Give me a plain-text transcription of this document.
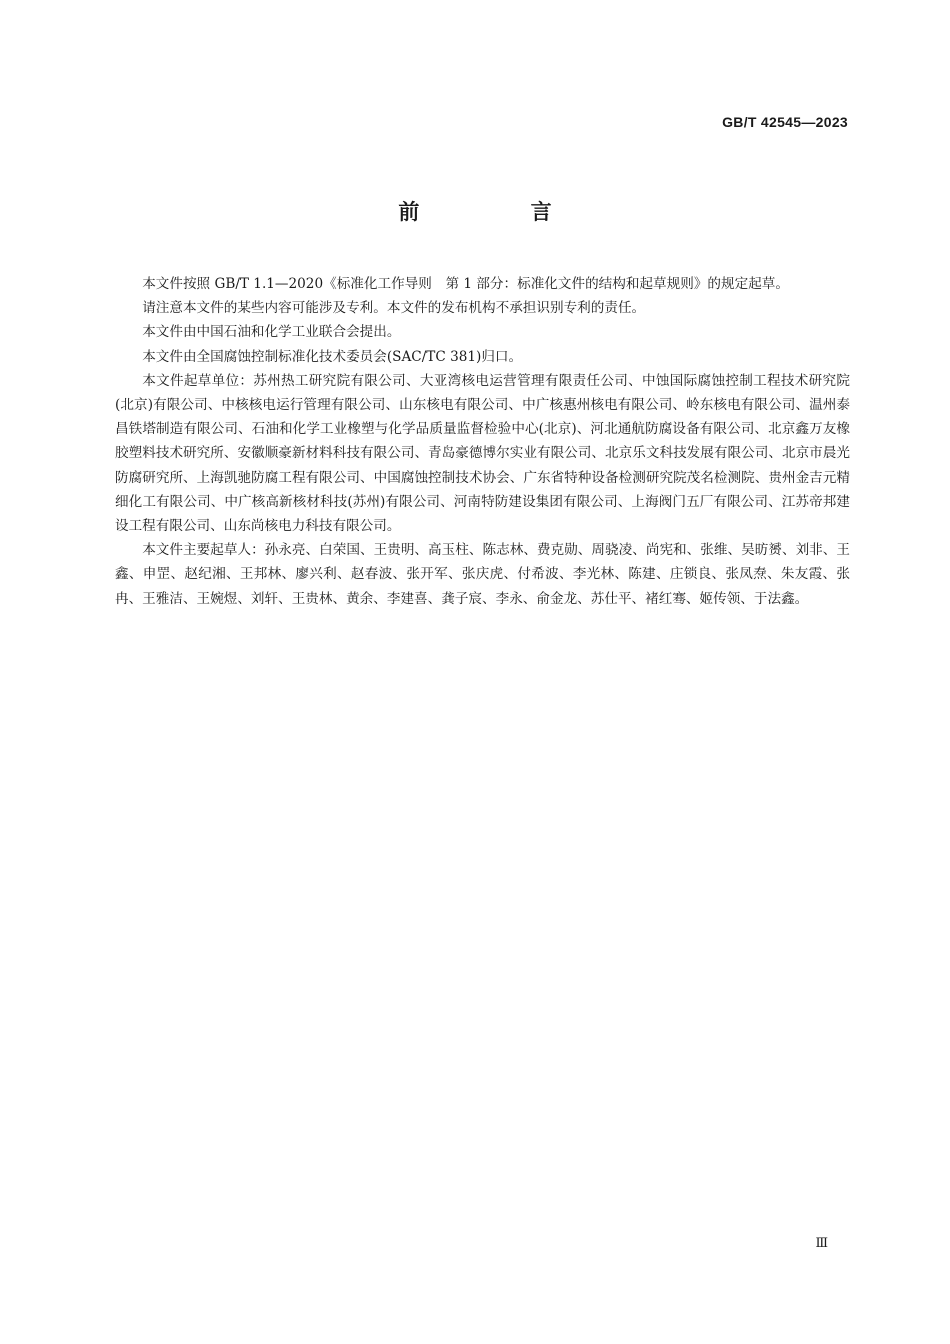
GB/T 42545—2023
前 言

本文件按照 GB/T 1.1—2020《标准化工作导则　第 1 部分：标准化文件的结构和起草规则》的规定起草。

请注意本文件的某些内容可能涉及专利。本文件的发布机构不承担识别专利的责任。

本文件由中国石油和化学工业联合会提出。

本文件由全国腐蚀控制标准化技术委员会(SAC/TC 381)归口。

本文件起草单位：苏州热工研究院有限公司、大亚湾核电运营管理有限责任公司、中蚀国际腐蚀控制工程技术研究院(北京)有限公司、中核核电运行管理有限公司、山东核电有限公司、中广核惠州核电有限公司、岭东核电有限公司、温州泰昌铁塔制造有限公司、石油和化学工业橡塑与化学品质量监督检验中心(北京)、河北通航防腐设备有限公司、北京鑫万友橡胶塑料技术研究所、安徽顺豪新材料科技有限公司、青岛豪德博尔实业有限公司、北京乐文科技发展有限公司、北京市晨光防腐研究所、上海凯驰防腐工程有限公司、中国腐蚀控制技术协会、广东省特种设备检测研究院茂名检测院、贵州金吉元精细化工有限公司、中广核高新核材科技(苏州)有限公司、河南特防建设集团有限公司、上海阀门五厂有限公司、江苏帝邦建设工程有限公司、山东尚核电力科技有限公司。

本文件主要起草人：孙永亮、白荣国、王贵明、高玉柱、陈志林、费克勋、周骁凌、尚宪和、张维、吴昉赟、刘非、王鑫、申罡、赵纪湘、王邦林、廖兴利、赵春波、张开军、张庆虎、付希波、李光林、陈建、庄锁良、张凤焘、朱友霞、张冉、王雅洁、王婉煜、刘轩、王贵林、黄余、李建喜、龚子宸、李永、俞金龙、苏仕平、褚红骞、姬传领、于法鑫。

Ⅲ
